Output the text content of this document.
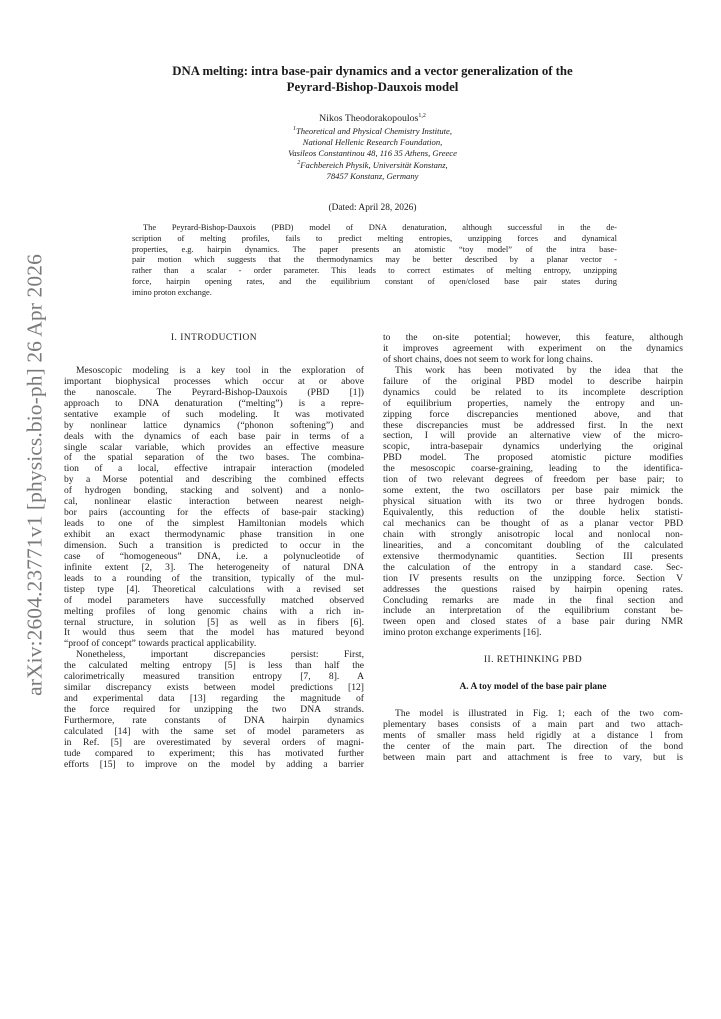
arXiv:2604.23771v1 [physics.bio-ph] 26 Apr 2026
DNA melting: intra base-pair dynamics and a vector generalization of the
Peyrard-Bishop-Dauxois model
Nikos Theodorakopoulos$^{1,2}$
$^1$Theoretical and Physical Chemistry Institute,
National Hellenic Research Foundation,
Vasileos Constantinou 48, 116 35 Athens, Greece
$^2$Fachbereich Physik, Universität Konstanz,
78457 Konstanz, Germany
(Dated: April 28, 2026)
The Peyrard-Bishop-Dauxois (PBD) model of DNA denaturation, although successful in the de-
scription of melting profiles, fails to predict melting entropies, unzipping forces and dynamical
properties, e.g. hairpin dynamics. The paper presents an atomistic “toy model” of the intra base-
pair motion which suggests that the thermodynamics may be better described by a planar vector -
rather than a scalar - order parameter. This leads to correct estimates of melting entropy, unzipping
force, hairpin opening rates, and the equilibrium constant of open/closed base pair states during
imino proton exchange.
I. INTRODUCTION
Mesoscopic modeling is a key tool in the exploration of
important biophysical processes which occur at or above
the nanoscale. The Peyrard-Bishop-Dauxois (PBD [1])
approach to DNA denaturation (“melting”) is a repre-
sentative example of such modeling. It was motivated
by nonlinear lattice dynamics (“phonon softening”) and
deals with the dynamics of each base pair in terms of a
single scalar variable, which provides an effective measure
of the spatial separation of the two bases. The combina-
tion of a local, effective intrapair interaction (modeled
by a Morse potential and describing the combined effects
of hydrogen bonding, stacking and solvent) and a nonlo-
cal, nonlinear elastic interaction between nearest neigh-
bor pairs (accounting for the effects of base-pair stacking)
leads to one of the simplest Hamiltonian models which
exhibit an exact thermodynamic phase transition in one
dimension. Such a transition is predicted to occur in the
case of “homogeneous” DNA, i.e. a polynucleotide of
infinite extent [2, 3]. The heterogeneity of natural DNA
leads to a rounding of the transition, typically of the mul-
tistep type [4]. Theoretical calculations with a revised set
of model parameters have successfully matched observed
melting profiles of long genomic chains with a rich in-
ternal structure, in solution [5] as well as in fibers [6].
It would thus seem that the model has matured beyond
“proof of concept” towards practical applicability.
Nonetheless, important discrepancies persist: First,
the calculated melting entropy [5] is less than half the
calorimetrically measured transition entropy [7, 8]. A
similar discrepancy exists between model predictions [12]
and experimental data [13] regarding the magnitude of
the force required for unzipping the two DNA strands.
Furthermore, rate constants of DNA hairpin dynamics
calculated [14] with the same set of model parameters as
in Ref. [5] are overestimated by several orders of magni-
tude compared to experiment; this has motivated further
efforts [15] to improve on the model by adding a barrier
to the on-site potential; however, this feature, although
it improves agreement with experiment on the dynamics
of short chains, does not seem to work for long chains.
This work has been motivated by the idea that the
failure of the original PBD model to describe hairpin
dynamics could be related to its incomplete description
of equilibrium properties, namely the entropy and un-
zipping force discrepancies mentioned above, and that
these discrepancies must be addressed first. In the next
section, I will provide an alternative view of the micro-
scopic, intra-basepair dynamics underlying the original
PBD model. The proposed atomistic picture modifies
the mesoscopic coarse-graining, leading to the identifica-
tion of two relevant degrees of freedom per base pair; to
some extent, the two oscillators per base pair mimick the
physical situation with its two or three hydrogen bonds.
Equivalently, this reduction of the double helix statisti-
cal mechanics can be thought of as a planar vector PBD
chain with strongly anisotropic local and nonlocal non-
linearities, and a concomitant doubling of the calculated
extensive thermodynamic quantities. Section III presents
the calculation of the entropy in a standard case. Sec-
tion IV presents results on the unzipping force. Section V
addresses the questions raised by hairpin opening rates.
Concluding remarks are made in the final section and
include an interpretation of the equilibrium constant be-
tween open and closed states of a base pair during NMR
imino proton exchange experiments [16].
II. RETHINKING PBD
A. A toy model of the base pair plane
The model is illustrated in Fig. 1; each of the two com-
plementary bases consists of a main part and two attach-
ments of smaller mass held rigidly at a distance l from
the center of the main part. The direction of the bond
between main part and attachment is free to vary, but is
